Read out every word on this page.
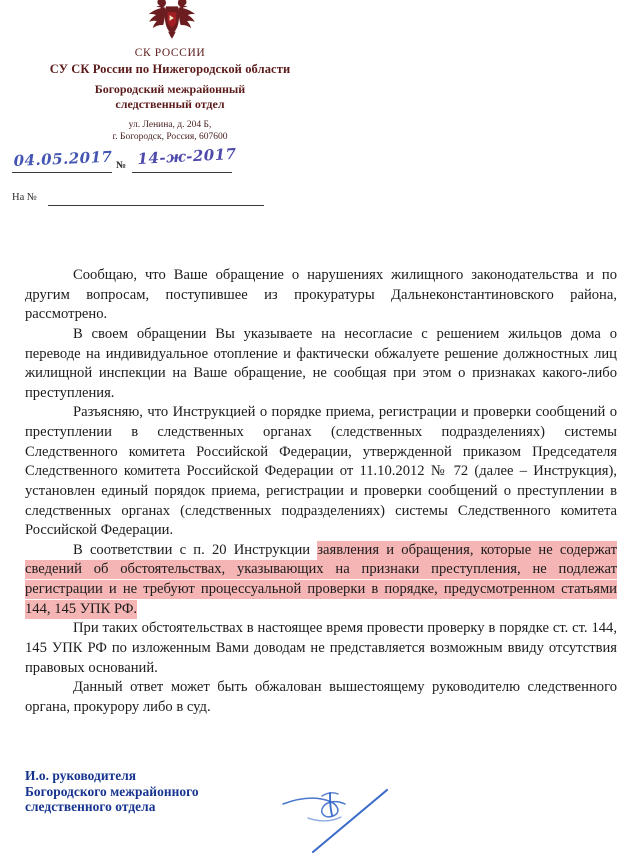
СК РОССИИ
СУ СК России по Нижегородской области
Богородский межрайонный
следственный отдел
ул. Ленина, д. 204 Б,
г. Богородск, Россия, 607600
04.05.2017 № 14-ж-2017
На №

Сообщаю, что Ваше обращение о нарушениях жилищного законодательства и по другим вопросам, поступившее из прокуратуры Дальнеконстантиновского района, рассмотрено.

В своем обращении Вы указываете на несогласие с решением жильцов дома о переводе на индивидуальное отопление и фактически обжалуете решение должностных лиц жилищной инспекции на Ваше обращение, не сообщая при этом о признаках какого-либо преступления.

Разъясняю, что Инструкцией о порядке приема, регистрации и проверки сообщений о преступлении в следственных органах (следственных подразделениях) системы Следственного комитета Российской Федерации, утвержденной приказом Председателя Следственного комитета Российской Федерации от 11.10.2012 № 72 (далее – Инструкция), установлен единый порядок приема, регистрации и проверки сообщений о преступлении в следственных органах (следственных подразделениях) системы Следственного комитета Российской Федерации.

В соответствии с п. 20 Инструкции заявления и обращения, которые не содержат сведений об обстоятельствах, указывающих на признаки преступления, не подлежат регистрации и не требуют процессуальной проверки в порядке, предусмотренном статьями 144, 145 УПК РФ.

При таких обстоятельствах в настоящее время провести проверку в порядке ст. ст. 144, 145 УПК РФ по изложенным Вами доводам не представляется возможным ввиду отсутствия правовых оснований.

Данный ответ может быть обжалован вышестоящему руководителю следственного органа, прокурору либо в суд.

И.о. руководителя
Богородского межрайонного
следственного отдела
